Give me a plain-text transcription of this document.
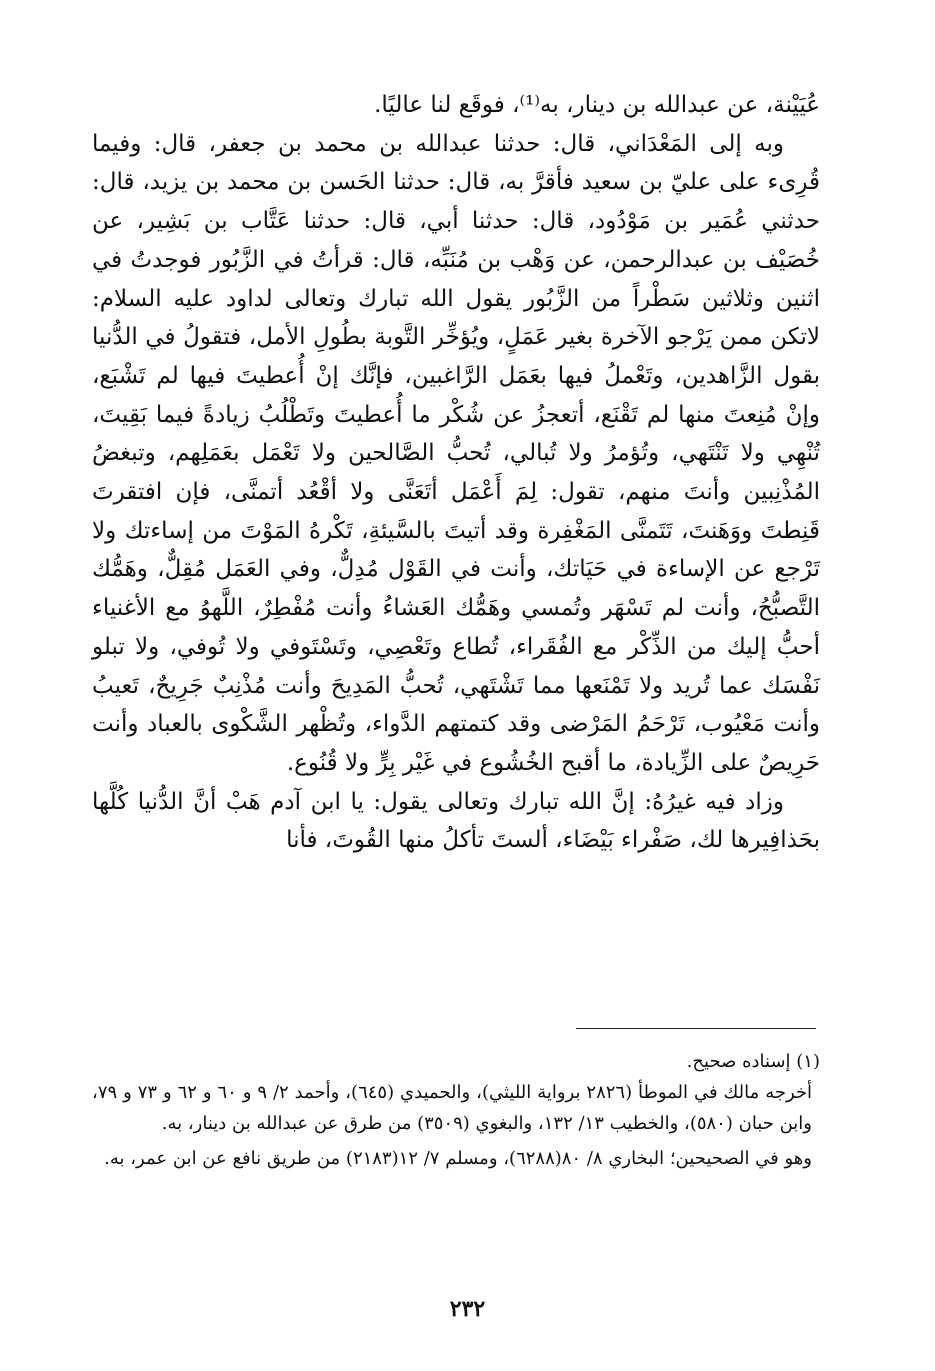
عُيَيْنة، عن عبدالله بن دينار، به⁽¹⁾، فوقَع لنا عاليًا.

وبه إلى المَعْدَاني، قال: حدثنا عبدالله بن محمد بن جعفر، قال: وفيما قُرِىء على عليّ بن سعيد فأقرَّ به، قال: حدثنا الحَسن بن محمد بن يزيد، قال: حدثني عُمَير بن مَوْدُود، قال: حدثنا أبي، قال: حدثنا عَتَّاب بن بَشِير، عن خُصَيْف بن عبدالرحمن، عن وَهْب بن مُنَبِّه، قال: قرأتُ في الزَّبُور فوجدتُ في اثنين وثلاثين سَطْراً من الزَّبُور يقول الله تبارك وتعالى لداود عليه السلام: لاتكن ممن يَرْجو الآخرة بغير عَمَلٍ، ويُؤخِّر التَّوبة بطُولِ الأمل، فتقولُ في الدُّنيا بقول الزَّاهدين، وتَعْملُ فيها بعَمَل الرَّاغبين، فإنَّك إنْ أُعطيتَ فيها لم تَشْبَع، وإنْ مُنِعتَ منها لم تَقْنَع، أتعجزُ عن شُكْر ما أُعطيتَ وتَطْلُبُ زيادةً فيما بَقِيتَ، تُنْهِي ولا تَنْتَهي، وتُؤمرُ ولا تُبالي، تُحبُّ الصَّالحين ولا تَعْمَل بعَمَلِهم، وتبغضُ المُذْنِبين وأنتَ منهم، تقول: لِمَ أَعْمَل أتَعَنَّى ولا أقْعُد أتمنَّى، فإن افتقرتَ قَنِطتَ ووَهَنتَ، تَتَمنَّى المَغْفِرة وقد أتيتَ بالسَّيئةِ، تَكْرهُ المَوْتَ من إساءتك ولا تَرْجع عن الإساءة في حَيَاتك، وأنت في القَوْل مُدِلٌّ، وفي العَمَل مُقِلٌّ، وهَمُّك التَّصبُّحُ، وأنت لم تَسْهَر وتُمسي وهَمُّك العَشاءُ وأنت مُفْطِرٌ، اللَّهوُ مع الأغنياء أحبُّ إليك من الذِّكْر مع الفُقَراء، تُطاع وتَعْصِي، وتَسْتَوفي ولا تُوفي، ولا تبلو نَفْسَك عما تُريد ولا تَمْنَعها مما تَشْتَهي، تُحبُّ المَدِيحَ وأنت مُذْنِبٌ جَرِيحٌ، تَعيبُ وأنت مَعْيُوب، تَرْحَمُ المَرْضى وقد كتمتهم الدَّواء، وتُظْهر الشَّكْوى بالعباد وأنت حَرِيصٌ على الزِّيادة، ما أقبح الخُشُوع في غَيْر بِرٍّ ولا قُنُوع.

وزاد فيه غيرُهُ: إنَّ الله تبارك وتعالى يقول: يا ابن آدم هَبْ أنَّ الدُّنيا كُلَّها بحَذافِيرها لك، صَفْراء بَيْضَاء، ألستَ تأكلُ منها القُوتَ، فأنا

(١) إسناده صحيح.

أخرجه مالك في الموطأ (٢٨٢٦ برواية الليثي)، والحميدي (٦٤٥)، وأحمد ٢/ ٩ و ٦٠ و ٦٢ و ٧٣ و ٧٩، وابن حبان (٥٨٠)، والخطيب ١٣/ ١٣٢، والبغوي (٣٥٠٩) من طرق عن عبدالله بن دينار، به.

وهو في الصحيحين؛ البخاري ٨/ ٨٠(٦٢٨٨)، ومسلم ٧/ ١٢(٢١٨٣) من طريق نافع عن ابن عمر، به.

٢٣٢
